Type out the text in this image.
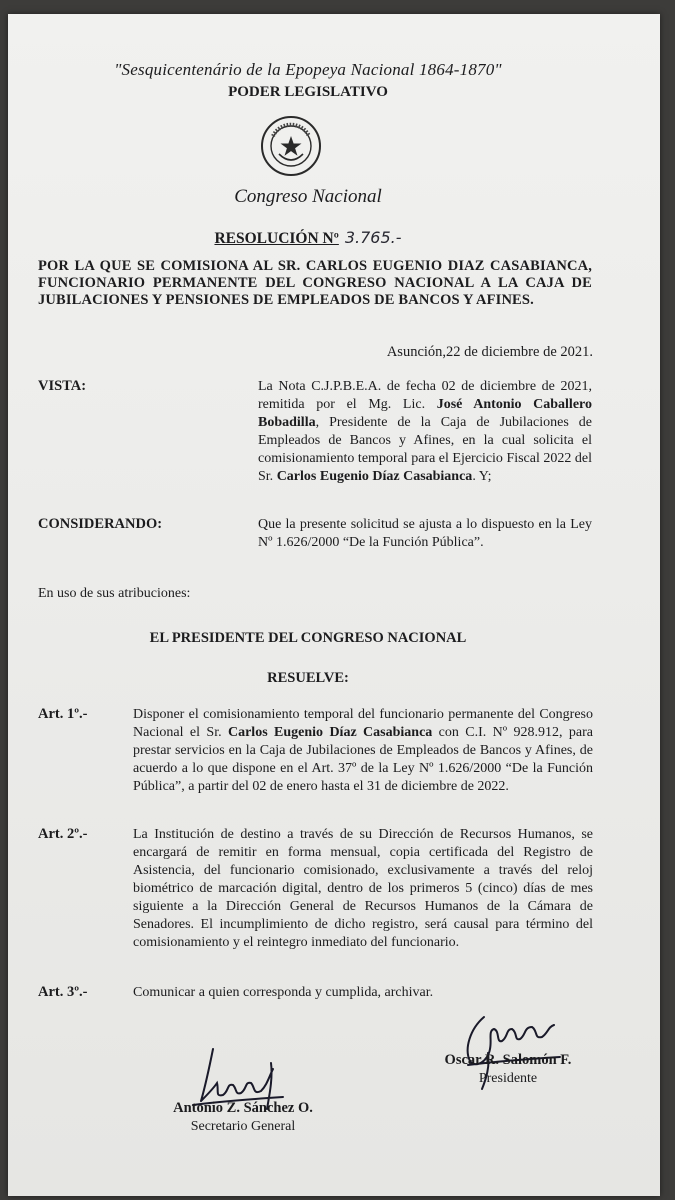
"Sesquicentenário de la Epopeya Nacional 1864-1870"
PODER LEGISLATIVO
Congreso Nacional
RESOLUCIÓN Nº 3.765.-
POR LA QUE SE COMISIONA AL SR. CARLOS EUGENIO DIAZ CASABIANCA, FUNCIONARIO PERMANENTE DEL CONGRESO NACIONAL A LA CAJA DE JUBILACIONES Y PENSIONES DE EMPLEADOS DE BANCOS Y AFINES.
Asunción,22 de diciembre de 2021.
VISTA:	La Nota C.J.P.B.E.A. de fecha 02 de diciembre de 2021, remitida por el Mg. Lic. José Antonio Caballero Bobadilla, Presidente de la Caja de Jubilaciones de Empleados de Bancos y Afines, en la cual solicita el comisionamiento temporal para el Ejercicio Fiscal 2022 del Sr. Carlos Eugenio Díaz Casabianca. Y;
CONSIDERANDO:	Que la presente solicitud se ajusta a lo dispuesto en la Ley Nº 1.626/2000 “De la Función Pública”.
En uso de sus atribuciones:
EL PRESIDENTE DEL CONGRESO NACIONAL
RESUELVE:
Art. 1º.-	Disponer el comisionamiento temporal del funcionario permanente del Congreso Nacional el Sr. Carlos Eugenio Díaz Casabianca con C.I. Nº 928.912, para prestar servicios en la Caja de Jubilaciones de Empleados de Bancos y Afines, de acuerdo a lo que dispone en el Art. 37º de la Ley Nº 1.626/2000 “De la Función Pública”, a partir del 02 de enero hasta el 31 de diciembre de 2022.
Art. 2º.-	La Institución de destino a través de su Dirección de Recursos Humanos, se encargará de remitir en forma mensual, copia certificada del Registro de Asistencia, del funcionario comisionado, exclusivamente a través del reloj biométrico de marcación digital, dentro de los primeros 5 (cinco) días de mes siguiente a la Dirección General de Recursos Humanos de la Cámara de Senadores. El incumplimiento de dicho registro, será causal para término del comisionamiento y el reintegro inmediato del funcionario.
Art. 3º.-	Comunicar a quien corresponda y cumplida, archivar.
Antonio Z. Sánchez O.
Secretario General
Oscar R. Salomón F.
Presidente
